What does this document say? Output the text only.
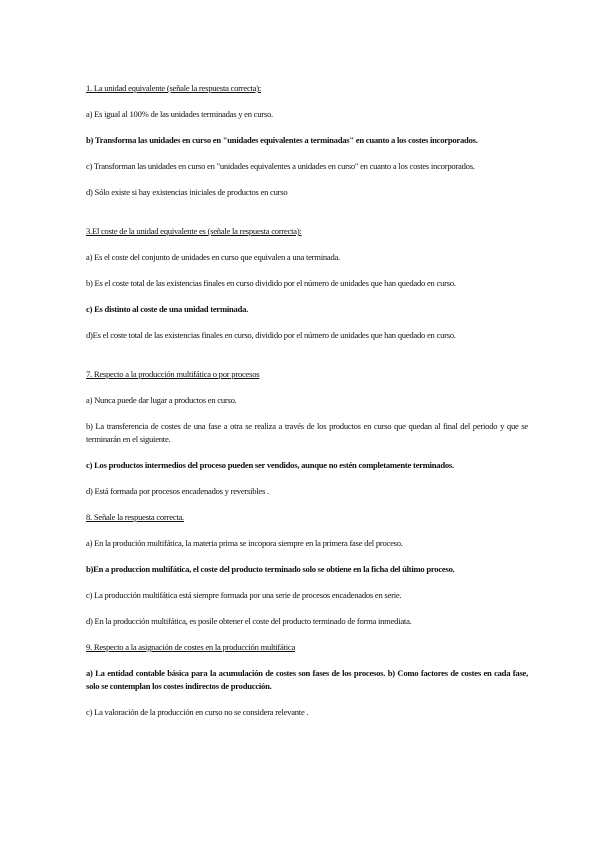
1. La unidad equivalente (señale la respuesta correcta):

a) Es igual al 100% de las unidades terminadas y en curso.

b) Transforma las unidades en curso en "unidades equivalentes a terminadas" en cuanto a los costes incorporados.

c) Transforman las unidades en curso en "unidades equivalentes a unidades en curso" en cuanto a los costes incorporados.

d) Sólo existe si hay existencias iniciales de productos en curso

3.El coste de la unidad equivalente es (señale la respuesta correcta):

a) Es el coste del conjunto de unidades en curso que equivalen a una terminada.

b) Es el coste total de las existencias finales en curso dividido por el número de unidades que han quedado en curso.

c) Es distinto al coste de una unidad terminada.

d)Es el coste total de las existencias finales en curso, dividido por el número de unidades que han quedado en curso.

7. Respecto a la producción multifática o por procesos

a) Nunca puede dar lugar a productos en curso.

b) La transferencia de costes de una fase a otra se realiza a través de los productos en curso que quedan al final del periodo y que se terminarán en el siguiente.

c) Los productos intermedios del proceso pueden ser vendidos, aunque no estén completamente terminados.

d) Está formada por procesos encadenados y reversibles .

8. Señale la respuesta correcta.

a) En la produción multifática, la materia prima se incopora siempre en la primera fase del proceso.

b)En a produccion multifática, el coste del producto terminado solo se obtiene en la ficha del último proceso.

c) La producción multifática está siempre formada por una serie de procesos encadenados en serie.

d) En la producción multifática, es posile obtener el coste del producto terminado de forma inmediata.

9. Respecto a la asignación de costes en la producción multifática

a) La entidad contable básica para la acumulación de costes son fases de los procesos. b) Como factores de costes en cada fase, solo se contemplan los costes indirectos de producción.

c) La valoración de la producción en curso no se considera relevante .
